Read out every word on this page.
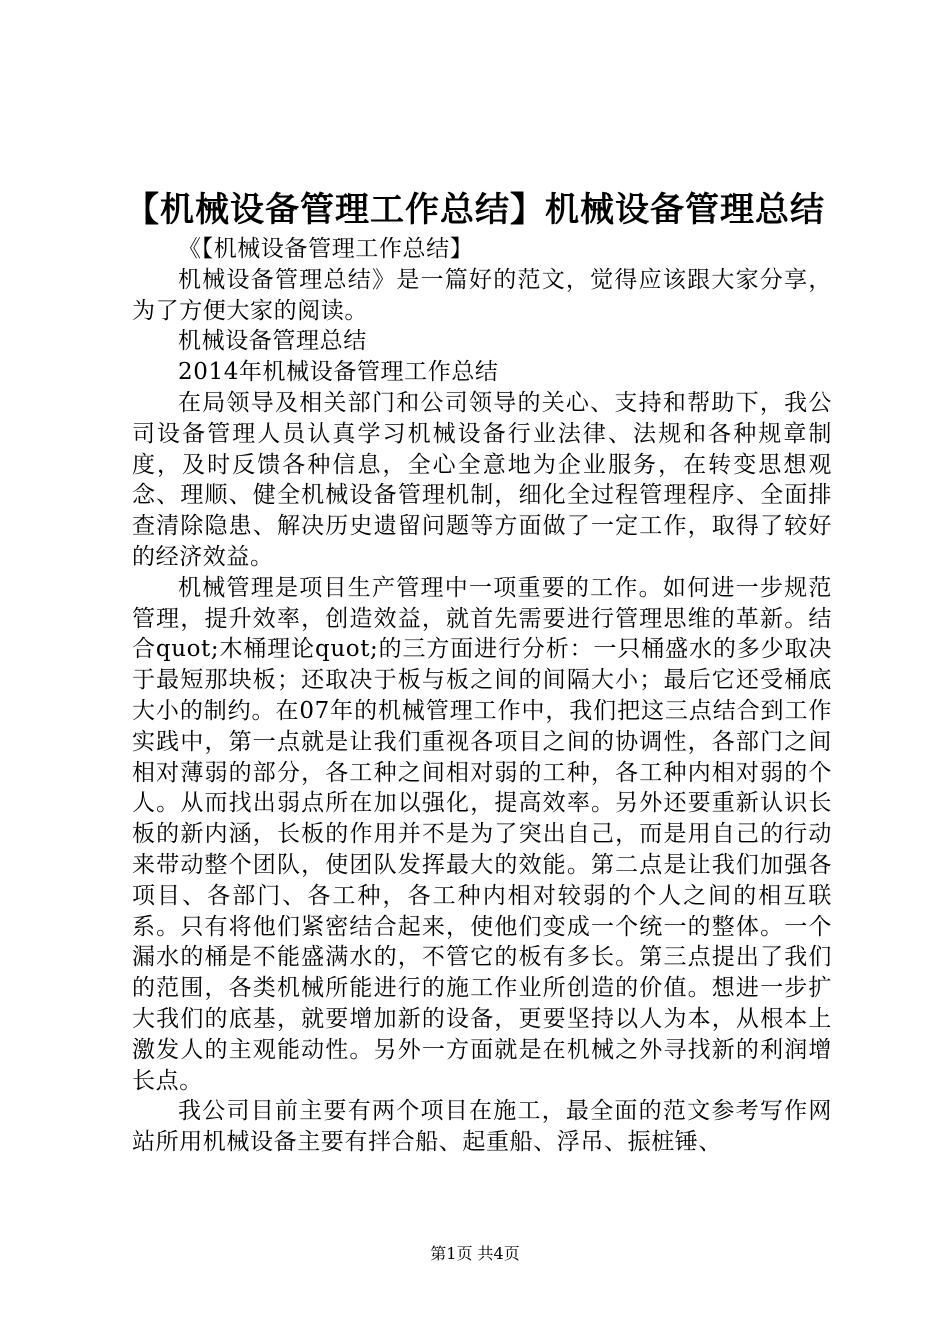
【机械设备管理工作总结】机械设备管理总结

《【机械设备管理工作总结】

机械设备管理总结》是一篇好的范文，觉得应该跟大家分享，为了方便大家的阅读。

机械设备管理总结

2014年机械设备管理工作总结

在局领导及相关部门和公司领导的关心、支持和帮助下，我公司设备管理人员认真学习机械设备行业法律、法规和各种规章制度，及时反馈各种信息，全心全意地为企业服务，在转变思想观念、理顺、健全机械设备管理机制，细化全过程管理程序、全面排查清除隐患、解决历史遗留问题等方面做了一定工作，取得了较好的经济效益。

机械管理是项目生产管理中一项重要的工作。如何进一步规范管理，提升效率，创造效益，就首先需要进行管理思维的革新。结合quot;木桶理论quot;的三方面进行分析：一只桶盛水的多少取决于最短那块板；还取决于板与板之间的间隔大小；最后它还受桶底大小的制约。在07年的机械管理工作中，我们把这三点结合到工作实践中，第一点就是让我们重视各项目之间的协调性，各部门之间相对薄弱的部分，各工种之间相对弱的工种，各工种内相对弱的个人。从而找出弱点所在加以强化，提高效率。另外还要重新认识长板的新内涵，长板的作用并不是为了突出自己，而是用自己的行动来带动整个团队，使团队发挥最大的效能。第二点是让我们加强各项目、各部门、各工种，各工种内相对较弱的个人之间的相互联系。只有将他们紧密结合起来，使他们变成一个统一的整体。一个漏水的桶是不能盛满水的，不管它的板有多长。第三点提出了我们的范围，各类机械所能进行的施工作业所创造的价值。想进一步扩大我们的底基，就要增加新的设备，更要坚持以人为本，从根本上激发人的主观能动性。另外一方面就是在机械之外寻找新的利润增长点。

我公司目前主要有两个项目在施工，最全面的范文参考写作网站所用机械设备主要有拌合船、起重船、浮吊、振桩锤、

第1页 共4页
